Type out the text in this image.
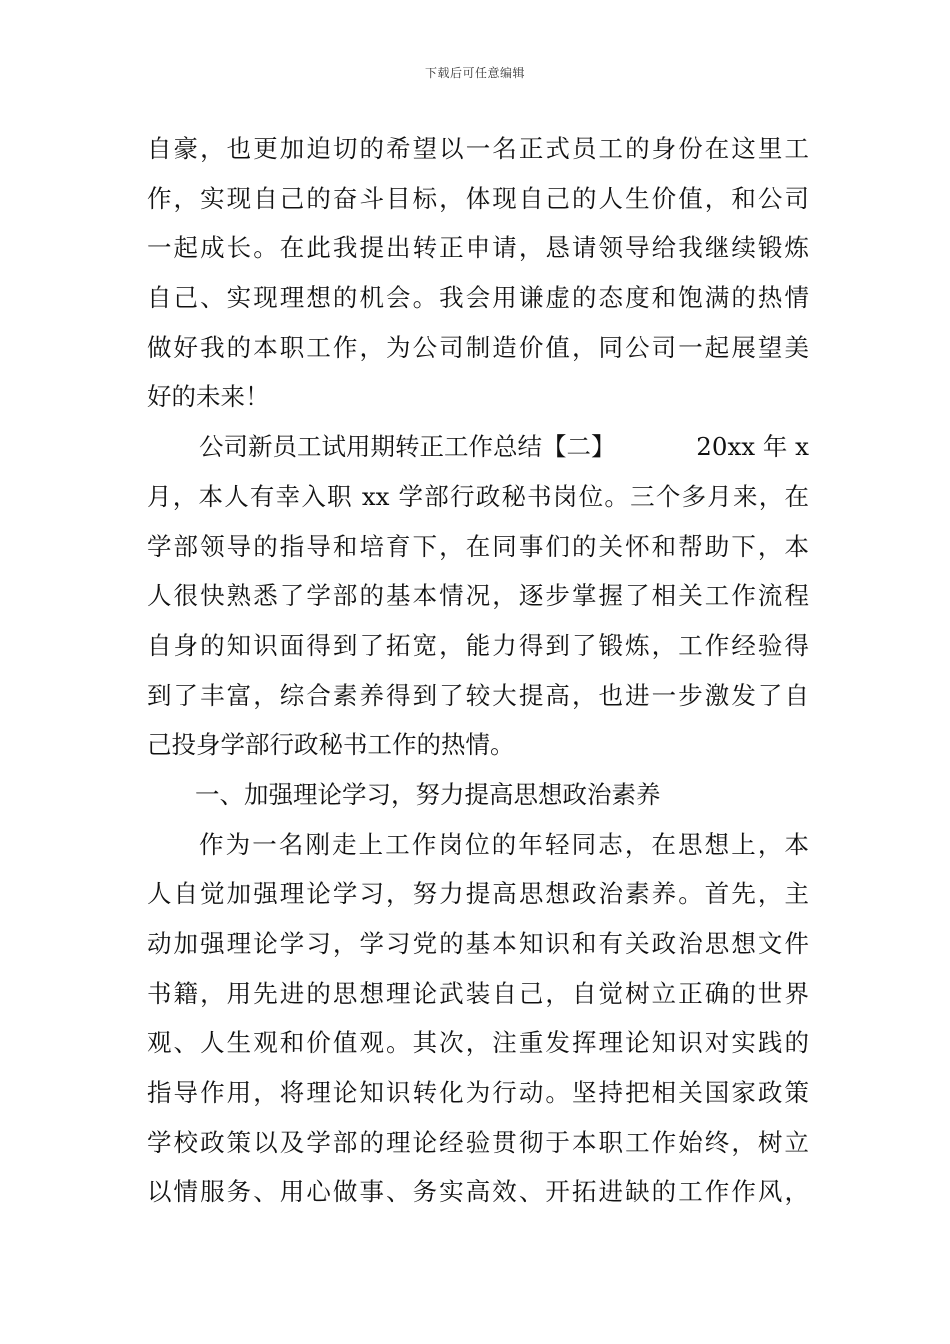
下载后可任意编辑
自豪，也更加迫切的希望以一名正式员工的身份在这里工
作，实现自己的奋斗目标，体现自己的人生价值，和公司
一起成长。在此我提出转正申请，恳请领导给我继续锻炼
自己、实现理想的机会。我会用谦虚的态度和饱满的热情
做好我的本职工作，为公司制造价值，同公司一起展望美
好的未来！
公司新员工试用期转正工作总结【二】	20xx 年 x
月，本人有幸入职 xx 学部行政秘书岗位。三个多月来，在
学部领导的指导和培育下，在同事们的关怀和帮助下，本
人很快熟悉了学部的基本情况，逐步掌握了相关工作流程
自身的知识面得到了拓宽，能力得到了锻炼，工作经验得
到了丰富，综合素养得到了较大提高，也进一步激发了自
己投身学部行政秘书工作的热情。
一、加强理论学习，努力提高思想政治素养
作为一名刚走上工作岗位的年轻同志，在思想上，本
人自觉加强理论学习，努力提高思想政治素养。首先，主
动加强理论学习，学习党的基本知识和有关政治思想文件
书籍，用先进的思想理论武装自己，自觉树立正确的世界
观、人生观和价值观。其次，注重发挥理论知识对实践的
指导作用，将理论知识转化为行动。坚持把相关国家政策
学校政策以及学部的理论经验贯彻于本职工作始终，树立
以情服务、用心做事、务实高效、开拓进缺的工作作风，
